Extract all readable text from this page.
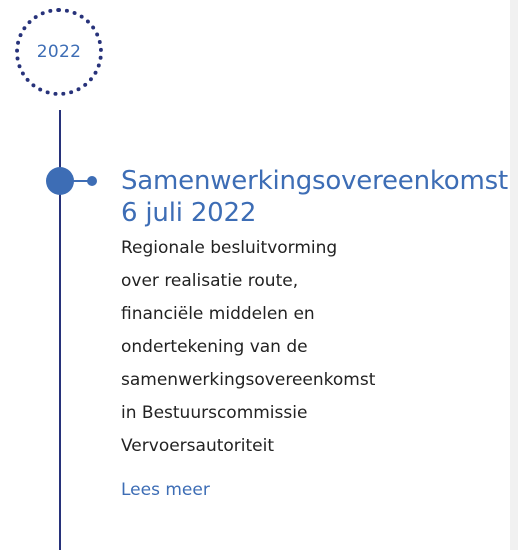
2022
Samenwerkingsovereenkomst
6 juli 2022

Regionale besluitvorming
over realisatie route,
financiële middelen en
ondertekening van de
samenwerkingsovereenkomst
in Bestuurscommissie
Vervoersautoriteit

Lees meer
